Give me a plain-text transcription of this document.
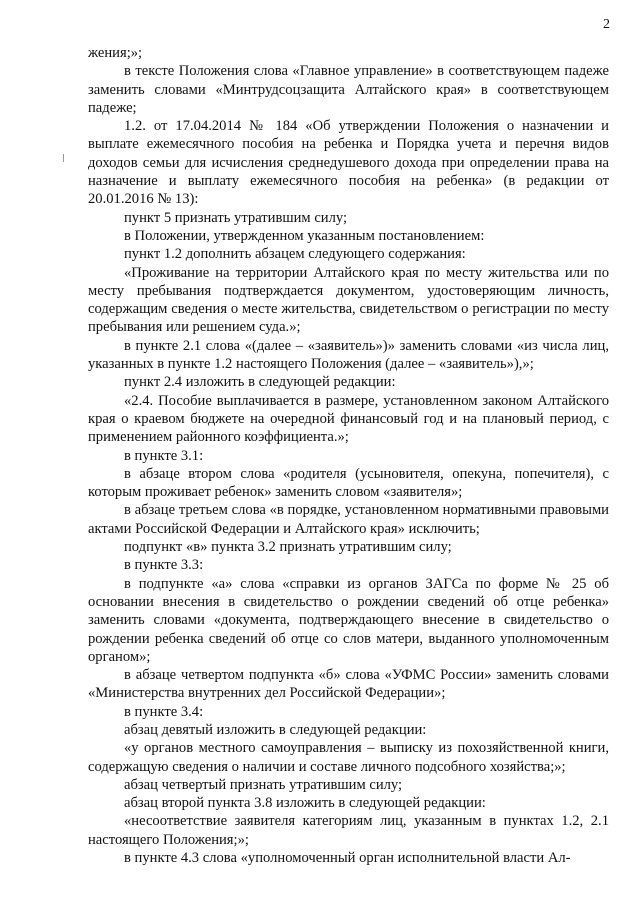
2

жения;»;

в тексте Положения слова «Главное управление» в соответствующем падеже заменить словами «Минтрудсоцзащита Алтайского края» в соответствующем падеже;

1.2. от 17.04.2014 № 184 «Об утверждении Положения о назначении и выплате ежемесячного пособия на ребенка и Порядка учета и перечня видов доходов семьи для исчисления среднедушевого дохода при определении права на назначение и выплату ежемесячного пособия на ребенка» (в редакции от 20.01.2016 № 13):

пункт 5 признать утратившим силу;

в Положении, утвержденном указанным постановлением:

пункт 1.2 дополнить абзацем следующего содержания:

«Проживание на территории Алтайского края по месту жительства или по месту пребывания подтверждается документом, удостоверяющим личность, содержащим сведения о месте жительства, свидетельством о регистрации по месту пребывания или решением суда.»;

в пункте 2.1 слова «(далее – «заявитель»)» заменить словами «из числа лиц, указанных в пункте 1.2 настоящего Положения (далее – «заявитель»),»;

пункт 2.4 изложить в следующей редакции:

«2.4. Пособие выплачивается в размере, установленном законом Алтайского края о краевом бюджете на очередной финансовый год и на плановый период, с применением районного коэффициента.»;

в пункте 3.1:

в абзаце втором слова «родителя (усыновителя, опекуна, попечителя), с которым проживает ребенок» заменить словом «заявителя»;

в абзаце третьем слова «в порядке, установленном нормативными правовыми актами Российской Федерации и Алтайского края» исключить;

подпункт «в» пункта 3.2 признать утратившим силу;

в пункте 3.3:

в подпункте «а» слова «справки из органов ЗАГСа по форме № 25 об основании внесения в свидетельство о рождении сведений об отце ребенка» заменить словами «документа, подтверждающего внесение в свидетельство о рождении ребенка сведений об отце со слов матери, выданного уполномоченным органом»;

в абзаце четвертом подпункта «б» слова «УФМС России» заменить словами «Министерства внутренних дел Российской Федерации»;

в пункте 3.4:

абзац девятый изложить в следующей редакции:

«у органов местного самоуправления – выписку из похозяйственной книги, содержащую сведения о наличии и составе личного подсобного хозяйства;»;

абзац четвертый признать утратившим силу;

абзац второй пункта 3.8 изложить в следующей редакции:

«несоответствие заявителя категориям лиц, указанным в пунктах 1.2, 2.1 настоящего Положения;»;

в пункте 4.3 слова «уполномоченный орган исполнительной власти Ал-
